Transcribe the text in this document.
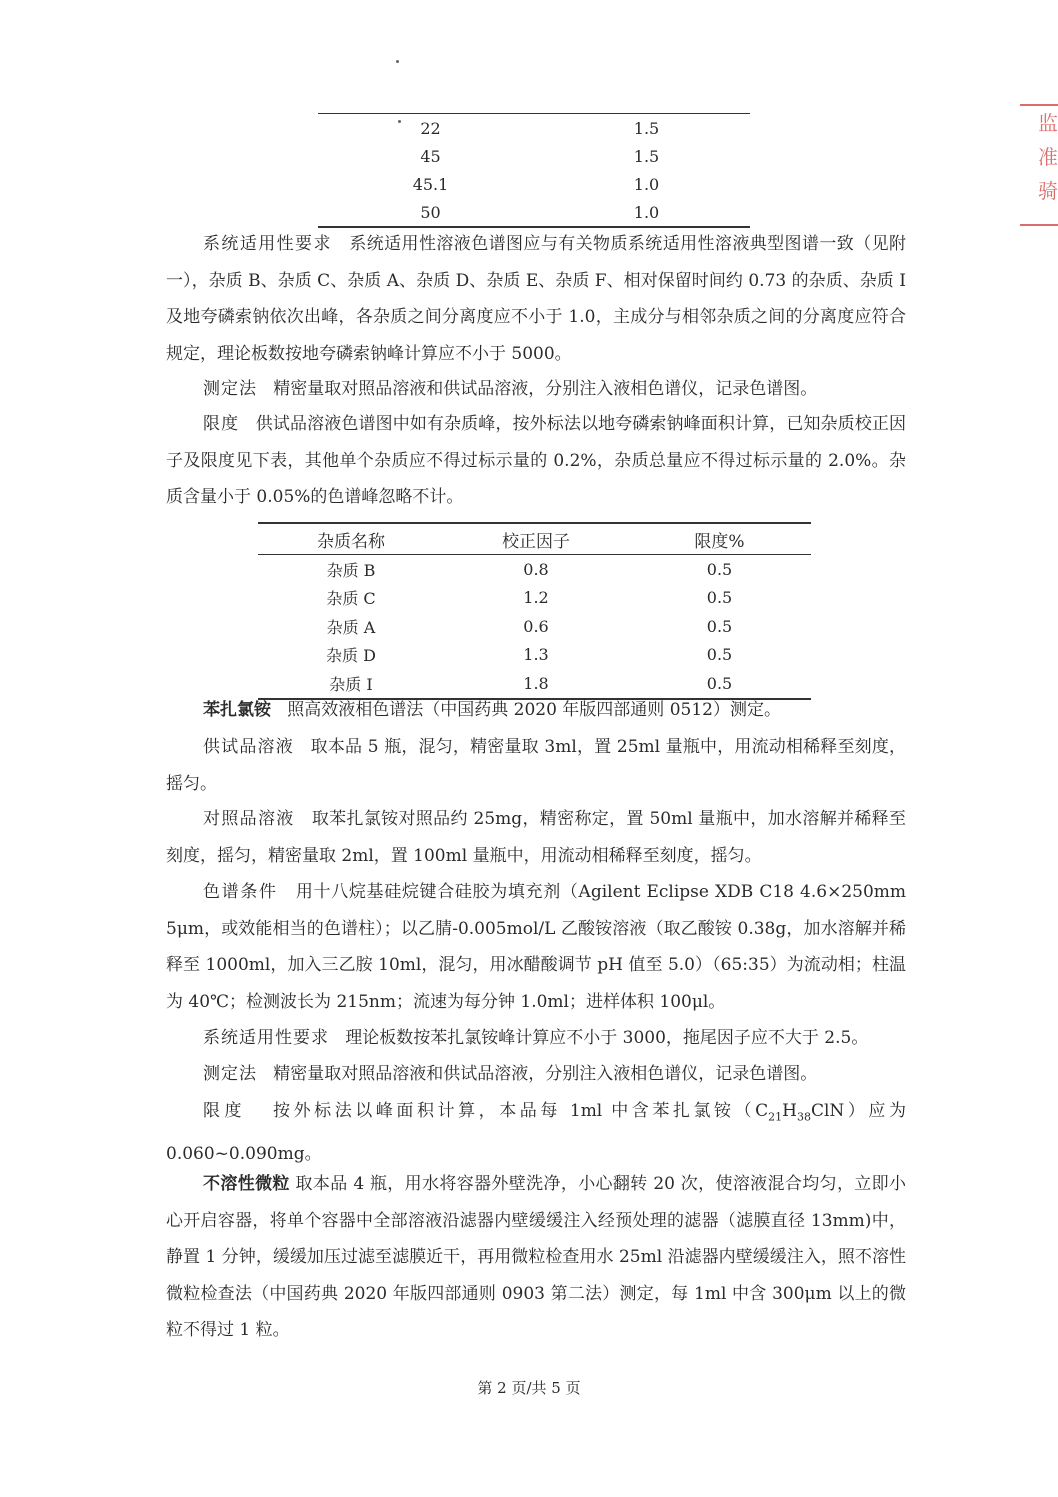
22	1.5
45	1.5
45.1	1.0
50	1.0
系统适用性要求 系统适用性溶液色谱图应与有关物质系统适用性溶液典型图谱一致（见附一），杂质 B、杂质 C、杂质 A、杂质 D、杂质 E、杂质 F、相对保留时间约 0.73 的杂质、杂质 I 及地夸磷索钠依次出峰，各杂质之间分离度应不小于 1.0，主成分与相邻杂质之间的分离度应符合规定，理论板数按地夸磷索钠峰计算应不小于 5000。
测定法 精密量取对照品溶液和供试品溶液，分别注入液相色谱仪，记录色谱图。
限度 供试品溶液色谱图中如有杂质峰，按外标法以地夸磷索钠峰面积计算，已知杂质校正因子及限度见下表，其他单个杂质应不得过标示量的 0.2%，杂质总量应不得过标示量的 2.0%。杂质含量小于 0.05%的色谱峰忽略不计。
杂质名称	校正因子	限度%
杂质 B	0.8	0.5
杂质 C	1.2	0.5
杂质 A	0.6	0.5
杂质 D	1.3	0.5
杂质 I	1.8	0.5
苯扎氯铵 照高效液相色谱法（中国药典 2020 年版四部通则 0512）测定。
供试品溶液 取本品 5 瓶，混匀，精密量取 3ml，置 25ml 量瓶中，用流动相稀释至刻度，摇匀。
对照品溶液 取苯扎氯铵对照品约 25mg，精密称定，置 50ml 量瓶中，加水溶解并稀释至刻度，摇匀，精密量取 2ml，置 100ml 量瓶中，用流动相稀释至刻度，摇匀。
色谱条件 用十八烷基硅烷键合硅胶为填充剂（Agilent Eclipse XDB C18 4.6×250mm 5μm，或效能相当的色谱柱）；以乙腈-0.005mol/L 乙酸铵溶液（取乙酸铵 0.38g，加水溶解并稀释至 1000ml，加入三乙胺 10ml，混匀，用冰醋酸调节 pH 值至 5.0）（65:35）为流动相；柱温为 40℃；检测波长为 215nm；流速为每分钟 1.0ml；进样体积 100μl。
系统适用性要求 理论板数按苯扎氯铵峰计算应不小于 3000，拖尾因子应不大于 2.5。
测定法 精密量取对照品溶液和供试品溶液，分别注入液相色谱仪，记录色谱图。
限度 按外标法以峰面积计算，本品每 1ml 中含苯扎氯铵$(C_{21}H_{38}ClN)$应为 0.060~0.090mg。
不溶性微粒 取本品 4 瓶，用水将容器外壁洗净，小心翻转 20 次，使溶液混合均匀，立即小心开启容器，将单个容器中全部溶液沿滤器内壁缓缓注入经预处理的滤器（滤膜直径 13mm)中，静置 1 分钟，缓缓加压过滤至滤膜近干，再用微粒检查用水 25ml 沿滤器内壁缓缓注入，照不溶性微粒检查法（中国药典 2020 年版四部通则 0903 第二法）测定，每 1ml 中含 300μm 以上的微粒不得过 1 粒。
第 2 页/共 5 页
监
准
骑
